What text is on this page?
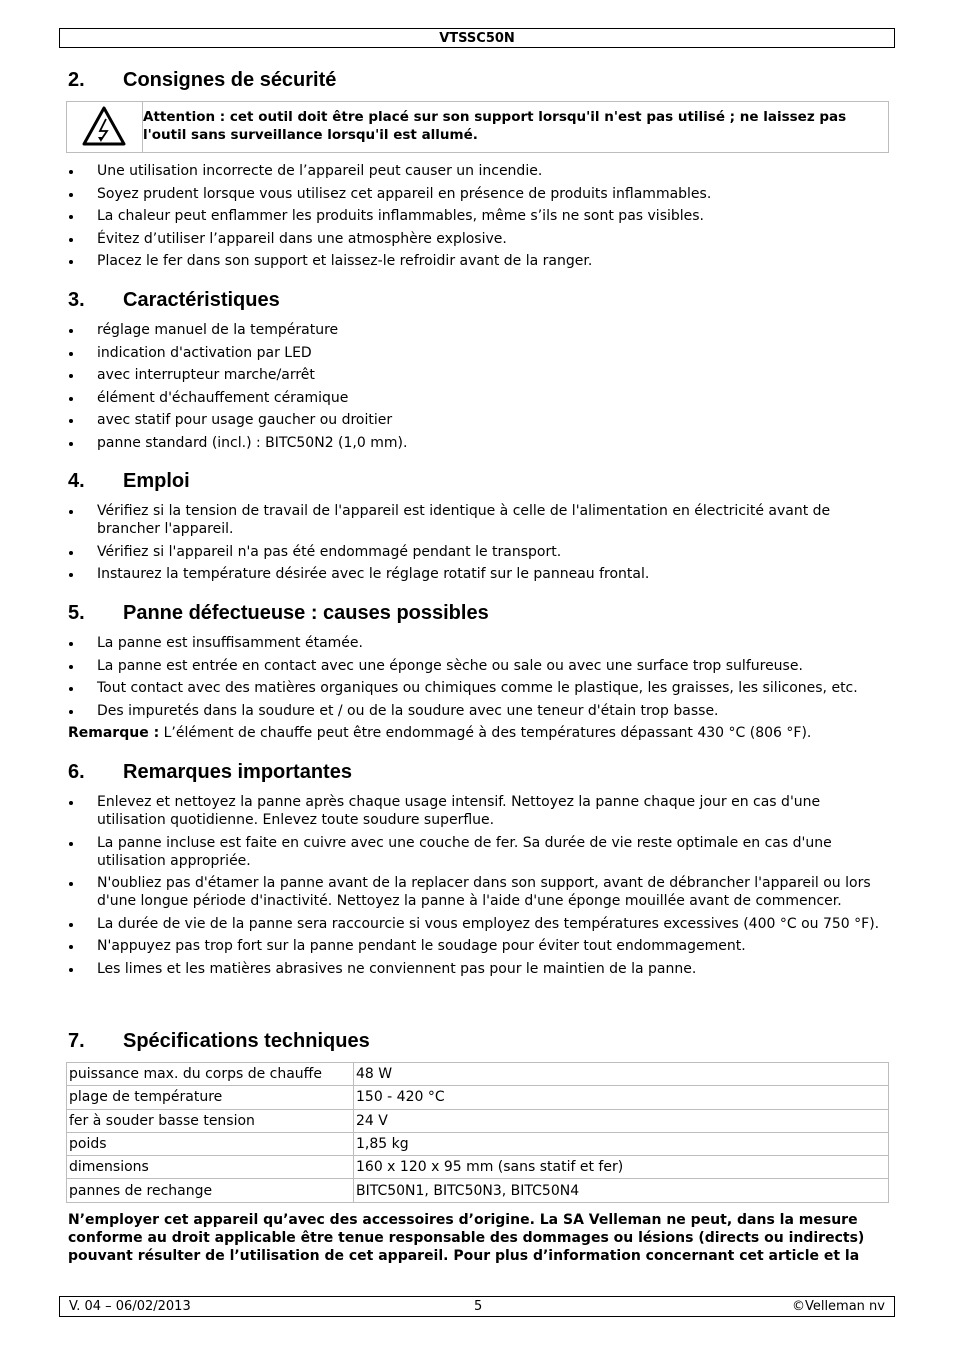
VTSSC50N
2. Consignes de sécurité
Attention : cet outil doit être placé sur son support lorsqu'il n'est pas utilisé ; ne laissez pas l'outil sans surveillance lorsqu'il est allumé.
Une utilisation incorrecte de l’appareil peut causer un incendie.
Soyez prudent lorsque vous utilisez cet appareil en présence de produits inflammables.
La chaleur peut enflammer les produits inflammables, même s’ils ne sont pas visibles.
Évitez d’utiliser l’appareil dans une atmosphère explosive.
Placez le fer dans son support et laissez-le refroidir avant de la ranger.
3. Caractéristiques
réglage manuel de la température
indication d'activation par LED
avec interrupteur marche/arrêt
élément d'échauffement céramique
avec statif pour usage gaucher ou droitier
panne standard (incl.) : BITC50N2 (1,0 mm).
4. Emploi
Vérifiez si la tension de travail de l'appareil est identique à celle de l'alimentation en électricité avant de brancher l'appareil.
Vérifiez si l'appareil n'a pas été endommagé pendant le transport.
Instaurez la température désirée avec le réglage rotatif sur le panneau frontal.
5. Panne défectueuse : causes possibles
La panne est insuffisamment étamée.
La panne est entrée en contact avec une éponge sèche ou sale ou avec une surface trop sulfureuse.
Tout contact avec des matières organiques ou chimiques comme le plastique, les graisses, les silicones, etc.
Des impuretés dans la soudure et / ou de la soudure avec une teneur d'étain trop basse.
Remarque : L’élément de chauffe peut être endommagé à des températures dépassant 430 °C (806 °F).
6. Remarques importantes
Enlevez et nettoyez la panne après chaque usage intensif. Nettoyez la panne chaque jour en cas d'une utilisation quotidienne. Enlevez toute soudure superflue.
La panne incluse est faite en cuivre avec une couche de fer. Sa durée de vie reste optimale en cas d'une utilisation appropriée.
N'oubliez pas d'étamer la panne avant de la replacer dans son support, avant de débrancher l'appareil ou lors d'une longue période d'inactivité. Nettoyez la panne à l'aide d'une éponge mouillée avant de commencer.
La durée de vie de la panne sera raccourcie si vous employez des températures excessives (400 °C ou 750 °F).
N'appuyez pas trop fort sur la panne pendant le soudage pour éviter tout endommagement.
Les limes et les matières abrasives ne conviennent pas pour le maintien de la panne.
7. Spécifications techniques
puissance max. du corps de chauffe	48 W
plage de température	150 - 420 °C
fer à souder basse tension	24 V
poids	1,85 kg
dimensions	160 x 120 x 95 mm (sans statif et fer)
pannes de rechange	BITC50N1, BITC50N3, BITC50N4
N’employer cet appareil qu’avec des accessoires d’origine. La SA Velleman ne peut, dans la mesure conforme au droit applicable être tenue responsable des dommages ou lésions (directs ou indirects) pouvant résulter de l’utilisation de cet appareil. Pour plus d’information concernant cet article et la
V. 04 – 06/02/2013	5	©Velleman nv
